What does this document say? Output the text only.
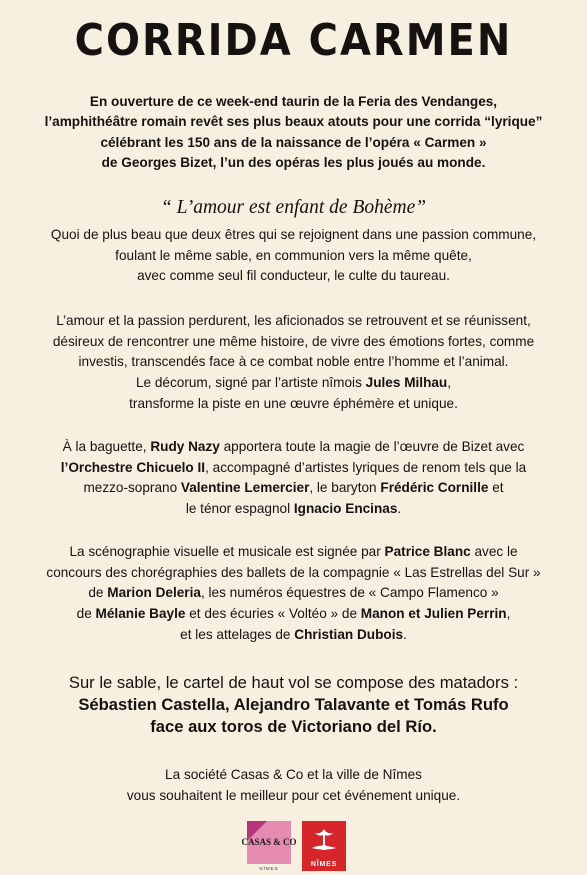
CORRIDA CARMEN
En ouverture de ce week-end taurin de la Feria des Vendanges,
l’amphithéâtre romain revêt ses plus beaux atouts pour une corrida “lyrique”
célébrant les 150 ans de la naissance de l’opéra « Carmen »
de Georges Bizet, l’un des opéras les plus joués au monde.
“ L’amour est enfant de Bohème”
Quoi de plus beau que deux êtres qui se rejoignent dans une passion commune,
foulant le même sable, en communion vers la même quête,
avec comme seul fil conducteur, le culte du taureau.
L’amour et la passion perdurent, les aficionados se retrouvent et se réunissent,
désireux de rencontrer une même histoire, de vivre des émotions fortes, comme
investis, transcendés face à ce combat noble entre l’homme et l’animal.
Le décorum, signé par l’artiste nîmois Jules Milhau,
transforme la piste en une œuvre éphémère et unique.
À la baguette, Rudy Nazy apportera toute la magie de l’œuvre de Bizet avec
l’Orchestre Chicuelo II, accompagné d’artistes lyriques de renom tels que la
mezzo-soprano Valentine Lemercier, le baryton Frédéric Cornille et
le ténor espagnol Ignacio Encinas.
La scénographie visuelle et musicale est signée par Patrice Blanc avec le
concours des chorégraphies des ballets de la compagnie « Las Estrellas del Sur »
de Marion Deleria, les numéros équestres de « Campo Flamenco »
de Mélanie Bayle et des écuries « Voltéo » de Manon et Julien Perrin,
et les attelages de Christian Dubois.
Sur le sable, le cartel de haut vol se compose des matadors :
Sébastien Castella, Alejandro Talavante et Tomás Rufo
face aux toros de Victoriano del Río.
La société Casas & Co et la ville de Nîmes
vous souhaitent le meilleur pour cet événement unique.
CASAS & CO
NÎMES
NÎMES
